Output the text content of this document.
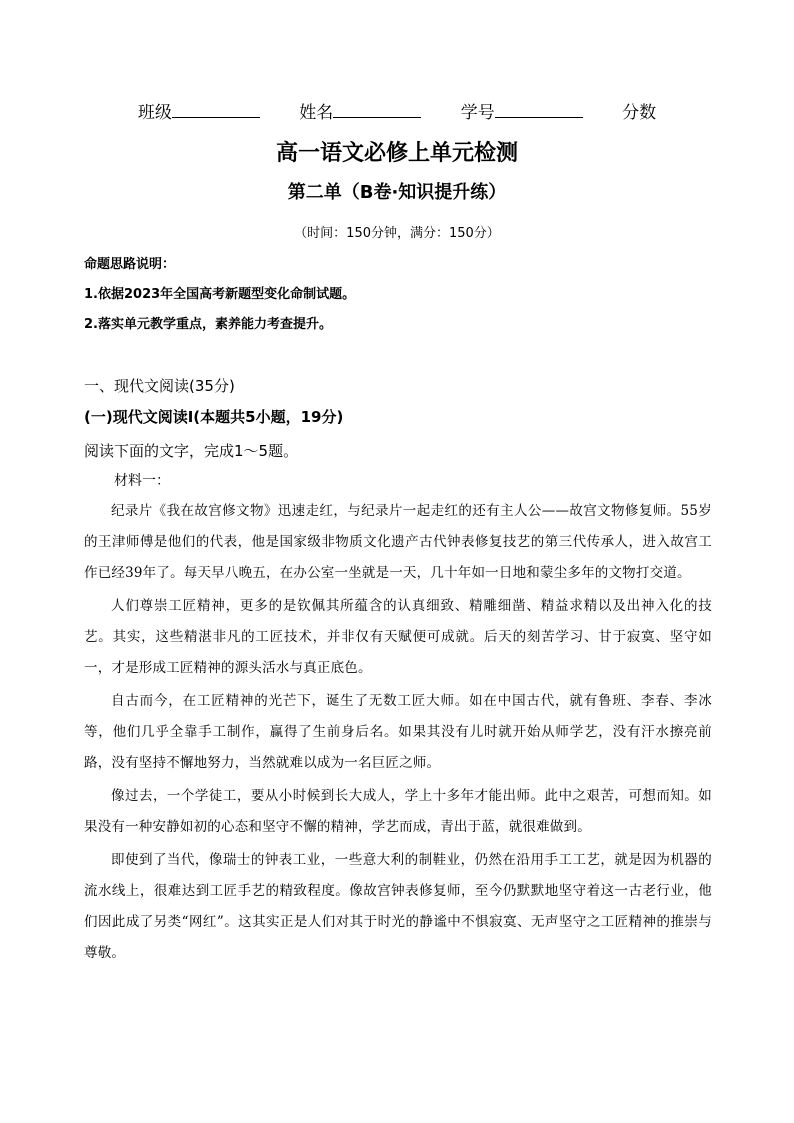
班级	姓名	学号	分数
高一语文必修上单元检测
第二单（B卷·知识提升练）
（时间：150分钟，满分：150分）
命题思路说明：
1.依据2023年全国高考新题型变化命制试题。
2.落实单元教学重点，素养能力考查提升。
一、现代文阅读(35分)
(一)现代文阅读Ⅰ(本题共5小题，19分)
阅读下面的文字，完成1～5题。
材料一：

纪录片《我在故宫修文物》迅速走红，与纪录片一起走红的还有主人公——故宫文物修复师。55岁的王津师傅是他们的代表，他是国家级非物质文化遗产古代钟表修复技艺的第三代传承人，进入故宫工作已经39年了。每天早八晚五，在办公室一坐就是一天，几十年如一日地和蒙尘多年的文物打交道。

人们尊崇工匠精神，更多的是钦佩其所蕴含的认真细致、精雕细凿、精益求精以及出神入化的技艺。其实，这些精湛非凡的工匠技术，并非仅有天赋便可成就。后天的刻苦学习、甘于寂寞、坚守如一，才是形成工匠精神的源头活水与真正底色。

自古而今，在工匠精神的光芒下，诞生了无数工匠大师。如在中国古代，就有鲁班、李春、李冰等，他们几乎全靠手工制作，赢得了生前身后名。如果其没有儿时就开始从师学艺，没有汗水擦亮前路，没有坚持不懈地努力，当然就难以成为一名巨匠之师。

像过去，一个学徒工，要从小时候到长大成人，学上十多年才能出师。此中之艰苦，可想而知。如果没有一种安静如初的心态和坚守不懈的精神，学艺而成，青出于蓝，就很难做到。

即使到了当代，像瑞士的钟表工业，一些意大利的制鞋业，仍然在沿用手工工艺，就是因为机器的流水线上，很难达到工匠手艺的精致程度。像故宫钟表修复师，至今仍默默地坚守着这一古老行业，他们因此成了另类“网红”。这其实正是人们对其于时光的静谧中不惧寂寞、无声坚守之工匠精神的推崇与尊敬。
